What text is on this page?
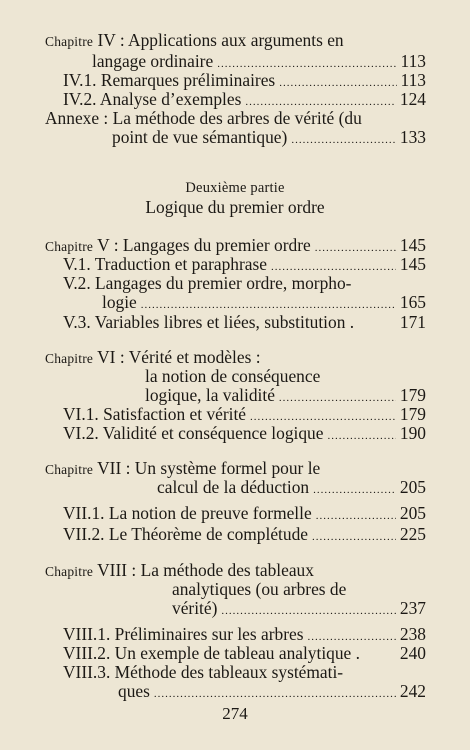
Chapitre IV : Applications aux arguments en
langage ordinaire .....	113
IV.1. Remarques préliminaires .....	113
IV.2. Analyse d’exemples .....	124
Annexe : La méthode des arbres de vérité (du
point de vue sémantique) .....	133
Deuxième partie
Logique du premier ordre
Chapitre V : Langages du premier ordre .....	145
V.1. Traduction et paraphrase .....	145
V.2. Langages du premier ordre, morpho-
logie .....	165
V.3. Variables libres et liées, substitution .	171
Chapitre VI : Vérité et modèles :
la notion de conséquence
logique, la validité .....	179
VI.1. Satisfaction et vérité .....	179
VI.2. Validité et conséquence logique .....	190
Chapitre VII : Un système formel pour le
calcul de la déduction .....	205
VII.1. La notion de preuve formelle .....	205
VII.2. Le Théorème de complétude .....	225
Chapitre VIII : La méthode des tableaux
analytiques (ou arbres de
vérité) .....	237
VIII.1. Préliminaires sur les arbres .....	238
VIII.2. Un exemple de tableau analytique . 240
VIII.3. Méthode des tableaux systémati-
ques .....	242
274
